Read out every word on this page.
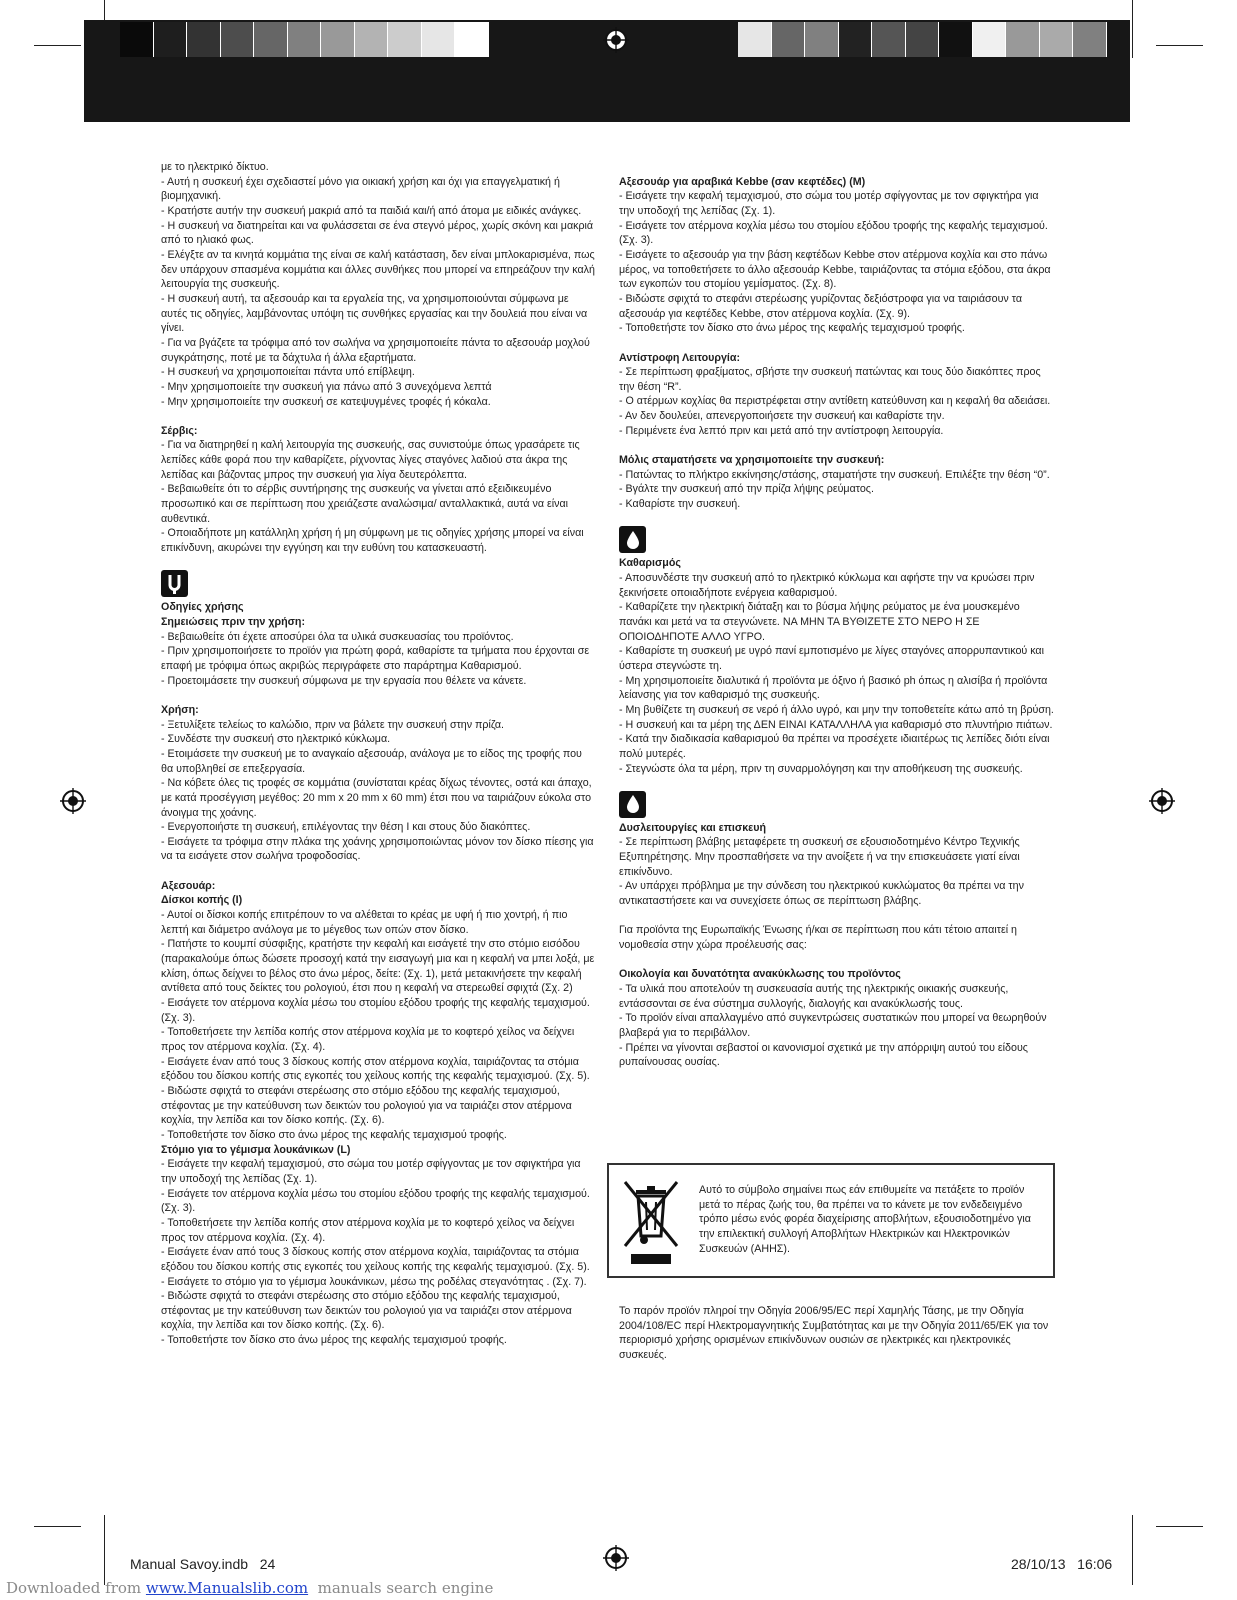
με το ηλεκτρικό δίκτυο.

- Αυτή η συσκευή έχει σχεδιαστεί μόνο για οικιακή χρήση και όχι για επαγγελματική ή βιομηχανική.

- Κρατήστε αυτήν την συσκευή μακριά από τα παιδιά και/ή από άτομα με ειδικές ανάγκες.

- Η συσκευή να διατηρείται και να φυλάσσεται σε ένα στεγνό μέρος, χωρίς σκόνη και μακριά από το ηλιακό φως.

- Ελέγξτε αν τα κινητά κομμάτια της είναι σε καλή κατάσταση, δεν είναι μπλοκαρισμένα, πως δεν υπάρχουν σπασμένα κομμάτια και άλλες συνθήκες που μπορεί να επηρεάζουν την καλή λειτουργία της συσκευής.

- Η συσκευή αυτή, τα αξεσουάρ και τα εργαλεία της, να χρησιμοποιούνται σύμφωνα με αυτές τις οδηγίες, λαμβάνοντας υπόψη τις συνθήκες εργασίας και την δουλειά που είναι να γίνει.

- Για να βγάζετε τα τρόφιμα από τον σωλήνα να χρησιμοποιείτε πάντα το αξεσουάρ μοχλού συγκράτησης, ποτέ με τα δάχτυλα ή άλλα εξαρτήματα.

- Η συσκευή να χρησιμοποιείται πάντα υπό επίβλεψη.

- Μην χρησιμοποιείτε την συσκευή για πάνω από 3 συνεχόμενα λεπτά

- Μην χρησιμοποιείτε την συσκευή σε κατεψυγμένες τροφές ή κόκαλα.

Σέρβις:

- Για να διατηρηθεί η καλή λειτουργία της συσκευής, σας συνιστούμε όπως γρασάρετε τις λεπίδες κάθε φορά που την καθαρίζετε, ρίχνοντας λίγες σταγόνες λαδιού στα άκρα της λεπίδας και βάζοντας μπρος την συσκευή για λίγα δευτερόλεπτα.

- Βεβαιωθείτε ότι το σέρβις συντήρησης της συσκευής να γίνεται από εξειδικευμένο προσωπικό και σε περίπτωση που χρειάζεστε αναλώσιμα/ ανταλλακτικά, αυτά να είναι αυθεντικά.

- Οποιαδήποτε μη κατάλληλη χρήση ή μη σύμφωνη με τις οδηγίες χρήσης μπορεί να είναι επικίνδυνη, ακυρώνει την εγγύηση και την ευθύνη του κατασκευαστή.

Οδηγίες χρήσης

Σημειώσεις πριν την χρήση:

- Βεβαιωθείτε ότι έχετε αποσύρει όλα τα υλικά συσκευασίας του προϊόντος.

- Πριν χρησιμοποιήσετε το προϊόν για πρώτη φορά, καθαρίστε τα τμήματα που έρχονται σε επαφή με τρόφιμα όπως ακριβώς περιγράφετε στο παράρτημα Καθαρισμού.

- Προετοιμάσετε την συσκευή σύμφωνα με την εργασία που θέλετε να κάνετε.

Χρήση:

- Ξετυλίξετε τελείως το καλώδιο, πριν να βάλετε την συσκευή στην πρίζα.

- Συνδέστε την συσκευή στο ηλεκτρικό κύκλωμα.

- Ετοιμάσετε την συσκευή με το αναγκαίο αξεσουάρ, ανάλογα με το είδος της τροφής που θα υποβληθεί σε επεξεργασία.

- Να κόβετε όλες τις τροφές σε κομμάτια (συνίσταται κρέας δίχως τένοντες, οστά και άπαχο, με κατά προσέγγιση μεγέθος: 20 mm x 20 mm x 60 mm) έτσι που να ταιριάζουν εύκολα στο άνοιγμα της χοάνης.

- Ενεργοποιήστε τη συσκευή, επιλέγοντας την θέση I και στους δύο διακόπτες.

- Εισάγετε τα τρόφιμα στην πλάκα της χοάνης χρησιμοποιώντας μόνον τον δίσκο πίεσης για να τα εισάγετε στον σωλήνα τροφοδοσίας.

Αξεσουάρ:

Δίσκοι κοπής (I)

- Αυτοί οι δίσκοι κοπής επιτρέπουν το να αλέθεται το κρέας με υφή ή πιο χοντρή, ή πιο λεπτή και διάμετρο ανάλογα με το μέγεθος των οπών στον δίσκο.

- Πατήστε το κουμπί σύσφιξης, κρατήστε την κεφαλή και εισάγετέ την στο στόμιο εισόδου (παρακαλούμε όπως δώσετε προσοχή κατά την εισαγωγή μια και η κεφαλή να μπει λοξά, με κλίση, όπως δείχνει το βέλος στο άνω μέρος, δείτε: (Σχ. 1), μετά μετακινήσετε την κεφαλή αντίθετα από τους δείκτες του ρολογιού, έτσι που η κεφαλή να στερεωθεί σφιχτά (Σχ. 2)

- Εισάγετε τον ατέρμονα κοχλία μέσω του στομίου εξόδου τροφής της κεφαλής τεμαχισμού. (Σχ. 3).

- Τοποθετήσετε την λεπίδα κοπής στον ατέρμονα κοχλία με το κοφτερό χείλος να δείχνει προς τον ατέρμονα κοχλία. (Σχ. 4).

- Εισάγετε έναν από τους 3 δίσκους κοπής στον ατέρμονα κοχλία, ταιριάζοντας τα στόμια εξόδου του δίσκου κοπής στις εγκοπές του χείλους κοπής της κεφαλής τεμαχισμού. (Σχ. 5).

- Βιδώστε σφιχτά το στεφάνι στερέωσης στο στόμιο εξόδου της κεφαλής τεμαχισμού, στέφοντας με την κατεύθυνση των δεικτών του ρολογιού για να ταιριάζει στον ατέρμονα κοχλία, την λεπίδα και τον δίσκο κοπής. (Σχ. 6).

- Τοποθετήστε τον δίσκο στο άνω μέρος της κεφαλής τεμαχισμού τροφής.

Στόμιο για το γέμισμα λουκάνικων (L)

- Εισάγετε την κεφαλή τεμαχισμού, στο σώμα του μοτέρ σφίγγοντας με τον σφιγκτήρα για την υποδοχή της λεπίδας (Σχ. 1).

- Εισάγετε τον ατέρμονα κοχλία μέσω του στομίου εξόδου τροφής της κεφαλής τεμαχισμού. (Σχ. 3).

- Τοποθετήσετε την λεπίδα κοπής στον ατέρμονα κοχλία με το κοφτερό χείλος να δείχνει προς τον ατέρμονα κοχλία. (Σχ. 4).

- Εισάγετε έναν από τους 3 δίσκους κοπής στον ατέρμονα κοχλία, ταιριάζοντας τα στόμια εξόδου του δίσκου κοπής στις εγκοπές του χείλους κοπής της κεφαλής τεμαχισμού. (Σχ. 5).

- Εισάγετε το στόμιο για το γέμισμα λουκάνικων, μέσω της ροδέλας στεγανότητας . (Σχ. 7).

- Βιδώστε σφιχτά το στεφάνι στερέωσης στο στόμιο εξόδου της κεφαλής τεμαχισμού, στέφοντας με την κατεύθυνση των δεικτών του ρολογιού για να ταιριάζει στον ατέρμονα κοχλία, την λεπίδα και τον δίσκο κοπής. (Σχ. 6).

- Τοποθετήστε τον δίσκο στο άνω μέρος της κεφαλής τεμαχισμού τροφής.

Αξεσουάρ για αραβικά Kebbe (σαν κεφτέδες) (M)

- Εισάγετε την κεφαλή τεμαχισμού, στο σώμα του μοτέρ σφίγγοντας με τον σφιγκτήρα για την υποδοχή της λεπίδας (Σχ. 1).

- Εισάγετε τον ατέρμονα κοχλία μέσω του στομίου εξόδου τροφής της κεφαλής τεμαχισμού. (Σχ. 3).

- Εισάγετε το αξεσουάρ για την βάση κεφτέδων Kebbe στον ατέρμονα κοχλία και στο πάνω μέρος, να τοποθετήσετε το άλλο αξεσουάρ Kebbe, ταιριάζοντας τα στόμια εξόδου, στα άκρα των εγκοπών του στομίου γεμίσματος. (Σχ. 8).

- Βιδώστε σφιχτά το στεφάνι στερέωσης γυρίζοντας δεξιόστροφα για να ταιριάσουν τα αξεσουάρ για κεφτέδες Kebbe, στον ατέρμονα κοχλία. (Σχ. 9).

- Τοποθετήστε τον δίσκο στο άνω μέρος της κεφαλής τεμαχισμού τροφής.

Αντίστροφη Λειτουργία:

- Σε περίπτωση φραξίματος, σβήστε την συσκευή πατώντας και τους δύο διακόπτες προς την θέση “R”.

- Ο ατέρμων κοχλίας θα περιστρέφεται στην αντίθετη κατεύθυνση και η κεφαλή θα αδειάσει.

- Αν δεν δουλεύει, απενεργοποιήσετε την συσκευή και καθαρίστε την.

- Περιμένετε ένα λεπτό πριν και μετά από την αντίστροφη λειτουργία.

Μόλις σταματήσετε να χρησιμοποιείτε την συσκευή:

- Πατώντας το πλήκτρο εκκίνησης/στάσης, σταματήστε την συσκευή. Επιλέξτε την θέση “0”.

- Βγάλτε την συσκευή από την πρίζα λήψης ρεύματος.

- Καθαρίστε την συσκευή.

Καθαρισμός

- Αποσυνδέστε την συσκευή από το ηλεκτρικό κύκλωμα και αφήστε την να κρυώσει πριν ξεκινήσετε οποιαδήποτε ενέργεια καθαρισμού.

- Καθαρίζετε την ηλεκτρική διάταξη και το βύσμα λήψης ρεύματος με ένα μουσκεμένο πανάκι και μετά να τα στεγνώνετε. ΝΑ ΜΗΝ ΤΑ ΒΥΘΙΖΕΤΕ ΣΤΟ ΝΕΡΟ Η ΣΕ ΟΠΟΙΟΔΗΠΟΤΕ ΑΛΛΟ ΥΓΡΟ.

- Καθαρίστε τη συσκευή με υγρό πανί εμποτισμένο με λίγες σταγόνες απορρυπαντικού και ύστερα στεγνώστε τη.

- Μη χρησιμοποιείτε διαλυτικά ή προϊόντα με όξινο ή βασικό ph όπως η αλισίβα ή προϊόντα λείανσης για τον καθαρισμό της συσκευής.

- Μη βυθίζετε τη συσκευή σε νερό ή άλλο υγρό, και μην την τοποθετείτε κάτω από τη βρύση.

- Η συσκευή και τα μέρη της ΔΕΝ ΕΙΝΑΙ ΚΑΤΑΛΛΗΛΑ για καθαρισμό στο πλυντήριο πιάτων.

- Κατά την διαδικασία καθαρισμού θα πρέπει να προσέχετε ιδιαιτέρως τις λεπίδες διότι είναι πολύ μυτερές.

- Στεγνώστε όλα τα μέρη, πριν τη συναρμολόγηση και την αποθήκευση της συσκευής.

Δυσλειτουργίες και επισκευή

- Σε περίπτωση βλάβης μεταφέρετε τη συσκευή σε εξουσιοδοτημένο Κέντρο Τεχνικής Εξυπηρέτησης. Μην προσπαθήσετε να την ανοίξετε ή να την επισκευάσετε γιατί είναι επικίνδυνο.

- Αν υπάρχει πρόβλημα με την σύνδεση του ηλεκτρικού κυκλώματος θα πρέπει να την αντικαταστήσετε και να συνεχίσετε όπως σε περίπτωση βλάβης.

Για προϊόντα της Ευρωπαϊκής Ένωσης ή/και σε περίπτωση που κάτι τέτοιο απαιτεί η νομοθεσία στην χώρα προέλευσής σας:

Οικολογία και δυνατότητα ανακύκλωσης του προϊόντος

- Τα υλικά που αποτελούν τη συσκευασία αυτής της ηλεκτρικής οικιακής συσκευής, εντάσσονται σε ένα σύστημα συλλογής, διαλογής και ανακύκλωσής τους.

- Το προϊόν είναι απαλλαγμένο από συγκεντρώσεις συστατικών που μπορεί να θεωρηθούν βλαβερά για το περιβάλλον.

- Πρέπει να γίνονται σεβαστοί οι κανονισμοί σχετικά με την απόρριψη αυτού του είδους ρυπαίνουσας ουσίας.

Αυτό το σύμβολο σημαίνει πως εάν επιθυμείτε να πετάξετε το προϊόν μετά το πέρας ζωής του, θα πρέπει να το κάνετε με τον ενδεδειγμένο τρόπο μέσω ενός φορέα διαχείρισης αποβλήτων, εξουσιοδοτημένο για την επιλεκτική συλλογή Αποβλήτων Ηλεκτρικών και Ηλεκτρονικών Συσκευών (ΑΗΗΣ).

Το παρόν προϊόν πληροί την Οδηγία 2006/95/EC περί Χαμηλής Τάσης, με την Οδηγία 2004/108/EC περί Ηλεκτρομαγνητικής Συμβατότητας και με την Οδηγία 2011/65/EK για τον περιορισμό χρήσης ορισμένων επικίνδυνων ουσιών σε ηλεκτρικές και ηλεκτρονικές συσκευές.

Manual Savoy.indb   24	28/10/13   16:06
Downloaded from www.Manualslib.com  manuals search engine
